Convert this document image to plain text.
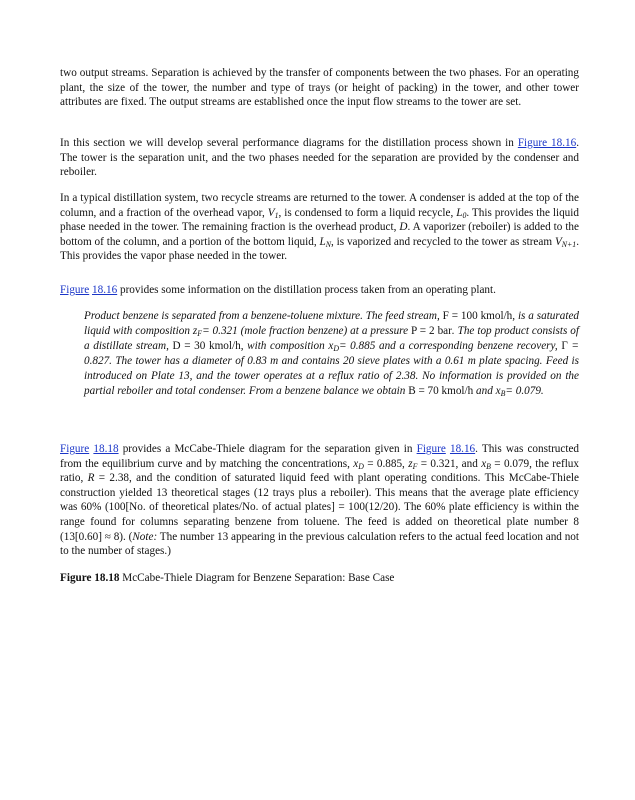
two output streams. Separation is achieved by the transfer of components between the two phases. For an operating plant, the size of the tower, the number and type of trays (or height of packing) in the tower, and other tower attributes are fixed. The output streams are established once the input flow streams to the tower are set.

In this section we will develop several performance diagrams for the distillation process shown in Figure 18.16. The tower is the separation unit, and the two phases needed for the separation are provided by the condenser and reboiler.

In a typical distillation system, two recycle streams are returned to the tower. A condenser is added at the top of the column, and a fraction of the overhead vapor, $V_1$, is condensed to form a liquid recycle, $L_0$. This provides the liquid phase needed in the tower. The remaining fraction is the overhead product, D. A vaporizer (reboiler) is added to the bottom of the column, and a portion of the bottom liquid, $L_N$, is vaporized and recycled to the tower as stream $V_{N+1}$. This provides the vapor phase needed in the tower.

Figure 18.16 provides some information on the distillation process taken from an operating plant.

Product benzene is separated from a benzene-toluene mixture. The feed stream, F = 100 kmol/h, is a saturated liquid with composition $z_F= 0.321$ (mole fraction benzene) at a pressure P = 2 bar. The top product consists of a distillate stream, D = 30 kmol/h, with composition $x_D= 0.885$ and a corresponding benzene recovery, Γ = 0.827. The tower has a diameter of 0.83 m and contains 20 sieve plates with a 0.61 m plate spacing. Feed is introduced on Plate 13, and the tower operates at a reflux ratio of 2.38. No information is provided on the partial reboiler and total condenser. From a benzene balance we obtain B = 70 kmol/h and $x_B= 0.079$.

Figure 18.18 provides a McCabe-Thiele diagram for the separation given in Figure 18.16. This was constructed from the equilibrium curve and by matching the concentrations, $x_D = 0.885$, $z_F = 0.321$, and $x_B = 0.079$, the reflux ratio, R = 2.38, and the condition of saturated liquid feed with plant operating conditions. This McCabe-Thiele construction yielded 13 theoretical stages (12 trays plus a reboiler). This means that the average plate efficiency was 60% (100[No. of theoretical plates/No. of actual plates] = 100(12/20). The 60% plate efficiency is within the range found for columns separating benzene from toluene. The feed is added on theoretical plate number 8 (13[0.60] ≈ 8). (Note: The number 13 appearing in the previous calculation refers to the actual feed location and not to the number of stages.)

Figure 18.18 McCabe-Thiele Diagram for Benzene Separation: Base Case
